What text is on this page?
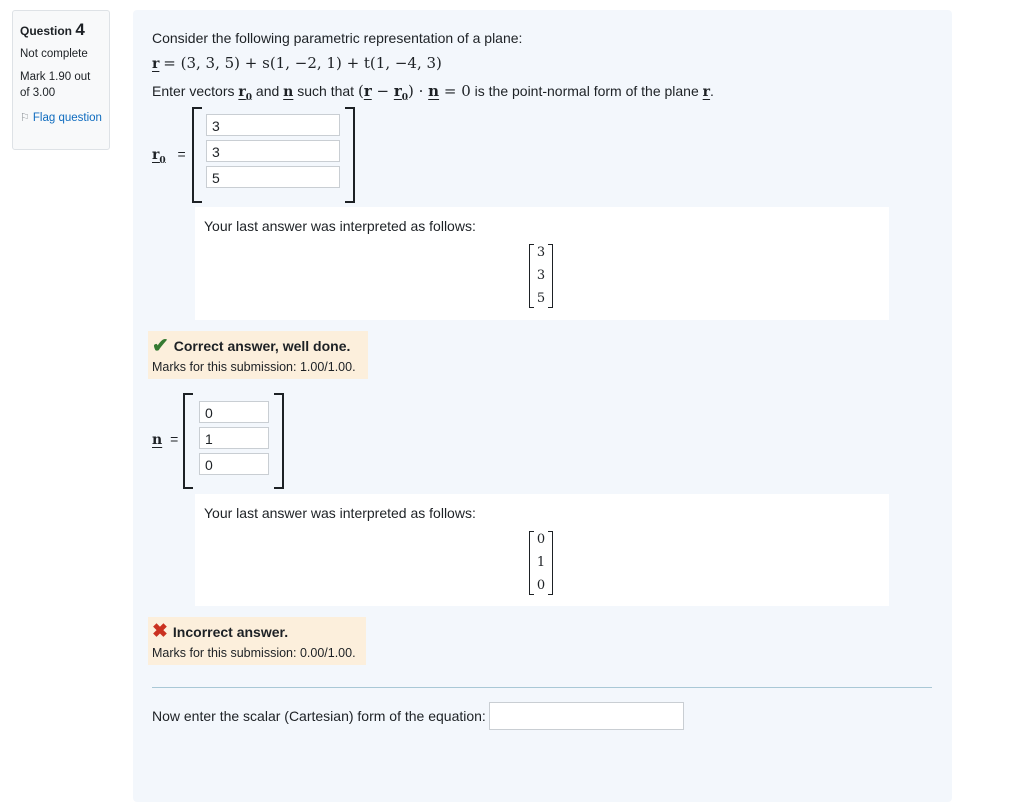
Question 4
Not complete
Mark 1.90 out of 3.00
⚐ Flag question
Consider the following parametric representation of a plane:
r = (3, 3, 5) + s(1, −2, 1) + t(1, −4, 3)
Enter vectors $r_0$ and n such that $(r - r_0) \cdot n = 0$ is the point-normal form of the plane r.
$r_0$ =
3
3
5
Your last answer was interpreted as follows:
3
3
5
✔ Correct answer, well done.
Marks for this submission: 1.00/1.00.
n =
0
1
0
Your last answer was interpreted as follows:
0
1
0
✖ Incorrect answer.
Marks for this submission: 0.00/1.00.
Now enter the scalar (Cartesian) form of the equation:
